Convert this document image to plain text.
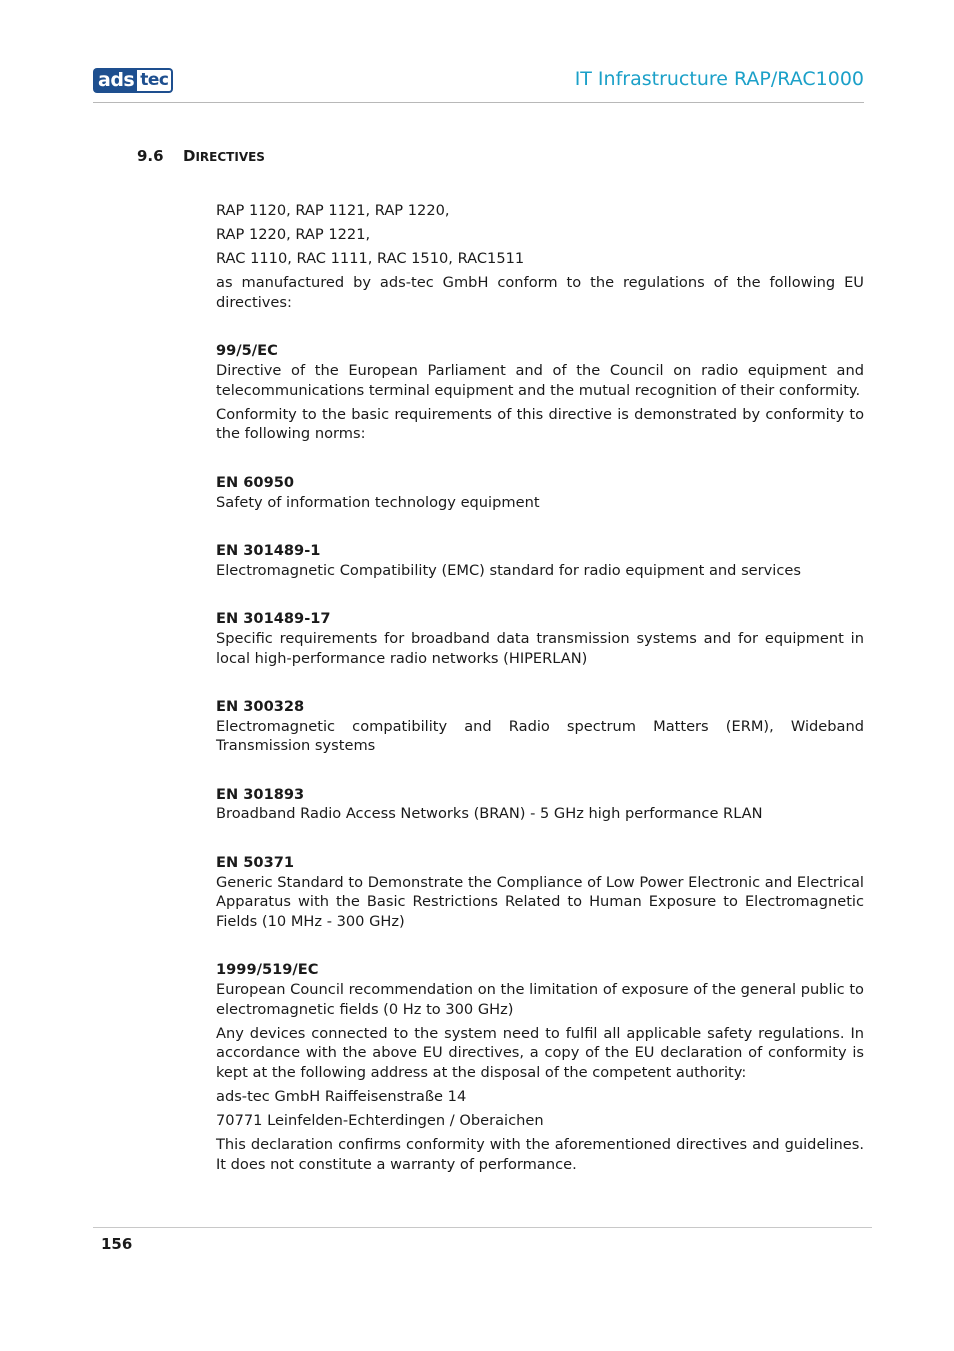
ads tec	IT Infrastructure RAP/RAC1000
9.6 DIRECTIVES

RAP 1120, RAP 1121, RAP 1220,

RAP 1220, RAP 1221,

RAC 1110, RAC 1111, RAC 1510, RAC1511

as manufactured by ads-tec GmbH conform to the regulations of the following EU directives:

99/5/EC

Directive of the European Parliament and of the Council on radio equipment and telecommunications terminal equipment and the mutual recognition of their conformity.

Conformity to the basic requirements of this directive is demonstrated by conformity to the following norms:

EN 60950

Safety of information technology equipment

EN 301489-1

Electromagnetic Compatibility (EMC) standard for radio equipment and services

EN 301489-17

Specific requirements for broadband data transmission systems and for equipment in local high-performance radio networks (HIPERLAN)

EN 300328

Electromagnetic compatibility and Radio spectrum Matters (ERM), Wideband Transmission systems

EN 301893

Broadband Radio Access Networks (BRAN) - 5 GHz high performance RLAN

EN 50371

Generic Standard to Demonstrate the Compliance of Low Power Electronic and Electrical Apparatus with the Basic Restrictions Related to Human Exposure to Electromagnetic Fields (10 MHz - 300 GHz)

1999/519/EC

European Council recommendation on the limitation of exposure of the general public to electromagnetic fields (0 Hz to 300 GHz)

Any devices connected to the system need to fulfil all applicable safety regulations. In accordance with the above EU directives, a copy of the EU declaration of conformity is kept at the following address at the disposal of the competent authority:

ads-tec GmbH Raiffeisenstraße 14

70771 Leinfelden-Echterdingen / Oberaichen

This declaration confirms conformity with the aforementioned directives and guidelines. It does not constitute a warranty of performance.

156
